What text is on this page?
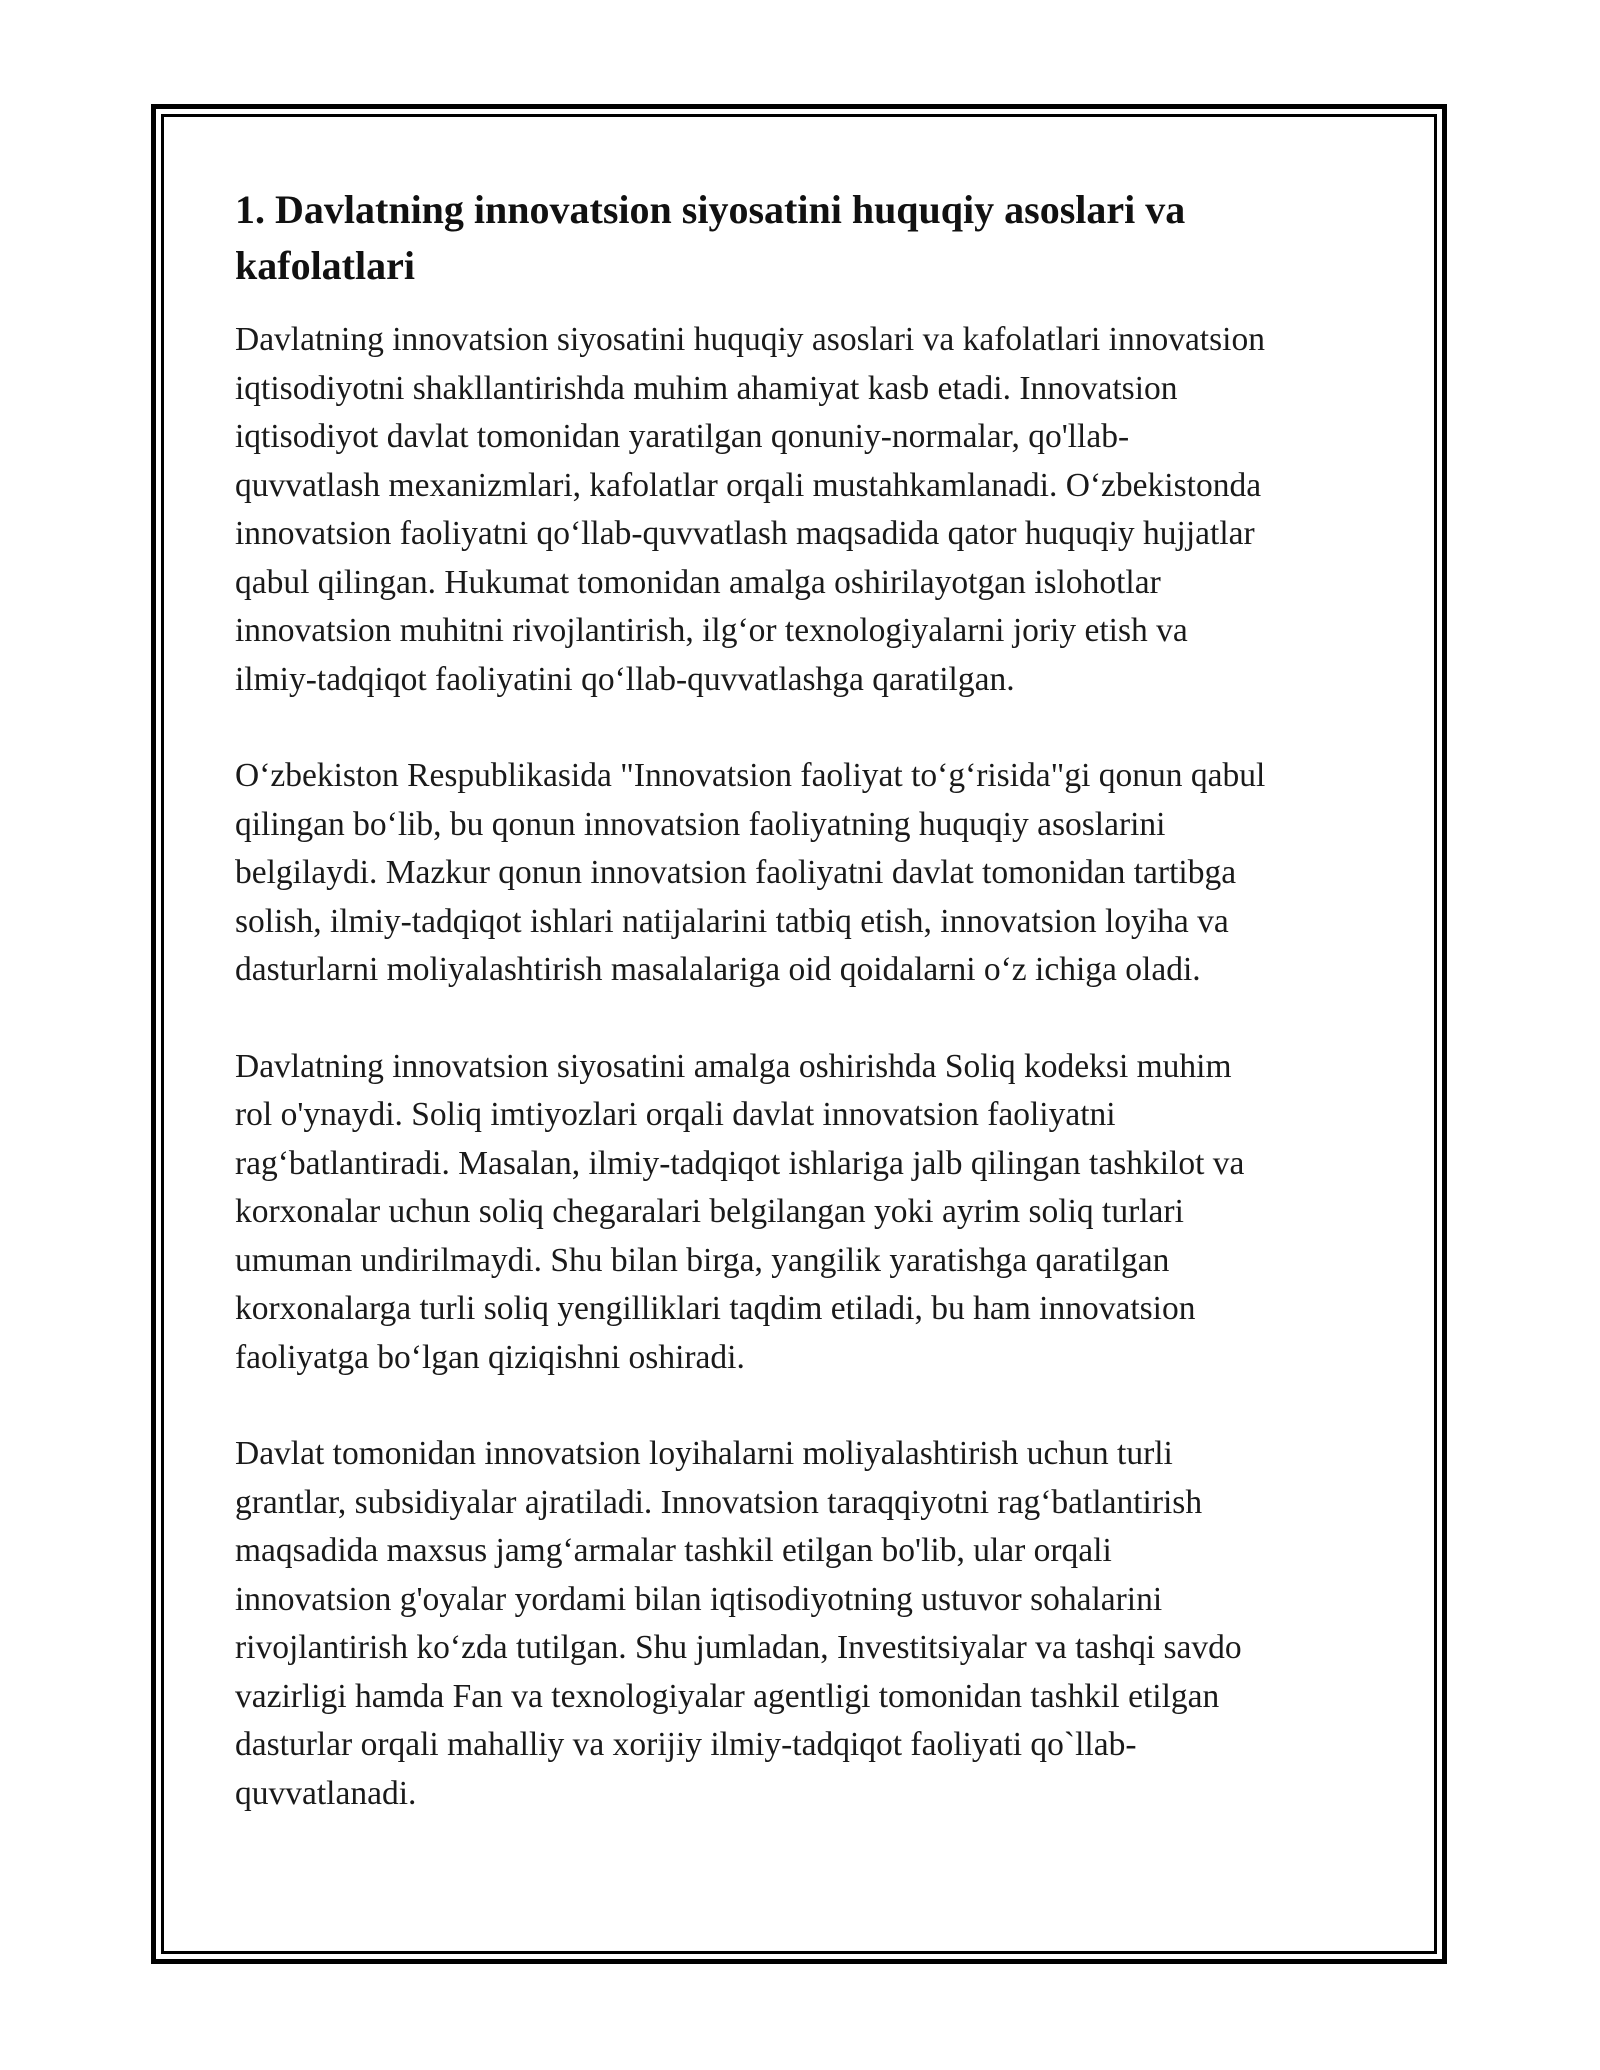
1. Davlatning innovatsion siyosatini huquqiy asoslari va
kafolatlari

Davlatning innovatsion siyosatini huquqiy asoslari va kafolatlari innovatsion
iqtisodiyotni shakllantirishda muhim ahamiyat kasb etadi. Innovatsion
iqtisodiyot davlat tomonidan yaratilgan qonuniy-normalar, qo'llab-
quvvatlash mexanizmlari, kafolatlar orqali mustahkamlanadi. O‘zbekistonda
innovatsion faoliyatni qo‘llab-quvvatlash maqsadida qator huquqiy hujjatlar
qabul qilingan. Hukumat tomonidan amalga oshirilayotgan islohotlar
innovatsion muhitni rivojlantirish, ilg‘or texnologiyalarni joriy etish va
ilmiy-tadqiqot faoliyatini qo‘llab-quvvatlashga qaratilgan.

O‘zbekiston Respublikasida "Innovatsion faoliyat to‘g‘risida"gi qonun qabul
qilingan bo‘lib, bu qonun innovatsion faoliyatning huquqiy asoslarini
belgilaydi. Mazkur qonun innovatsion faoliyatni davlat tomonidan tartibga
solish, ilmiy-tadqiqot ishlari natijalarini tatbiq etish, innovatsion loyiha va
dasturlarni moliyalashtirish masalalariga oid qoidalarni o‘z ichiga oladi.

Davlatning innovatsion siyosatini amalga oshirishda Soliq kodeksi muhim
rol o'ynaydi. Soliq imtiyozlari orqali davlat innovatsion faoliyatni
rag‘batlantiradi. Masalan, ilmiy-tadqiqot ishlariga jalb qilingan tashkilot va
korxonalar uchun soliq chegaralari belgilangan yoki ayrim soliq turlari
umuman undirilmaydi. Shu bilan birga, yangilik yaratishga qaratilgan
korxonalarga turli soliq yengilliklari taqdim etiladi, bu ham innovatsion
faoliyatga bo‘lgan qiziqishni oshiradi.

Davlat tomonidan innovatsion loyihalarni moliyalashtirish uchun turli
grantlar, subsidiyalar ajratiladi. Innovatsion taraqqiyotni rag‘batlantirish
maqsadida maxsus jamg‘armalar tashkil etilgan bo'lib, ular orqali
innovatsion g'oyalar yordami bilan iqtisodiyotning ustuvor sohalarini
rivojlantirish ko‘zda tutilgan. Shu jumladan, Investitsiyalar va tashqi savdo
vazirligi hamda Fan va texnologiyalar agentligi tomonidan tashkil etilgan
dasturlar orqali mahalliy va xorijiy ilmiy-tadqiqot faoliyati qo`llab-
quvvatlanadi.
